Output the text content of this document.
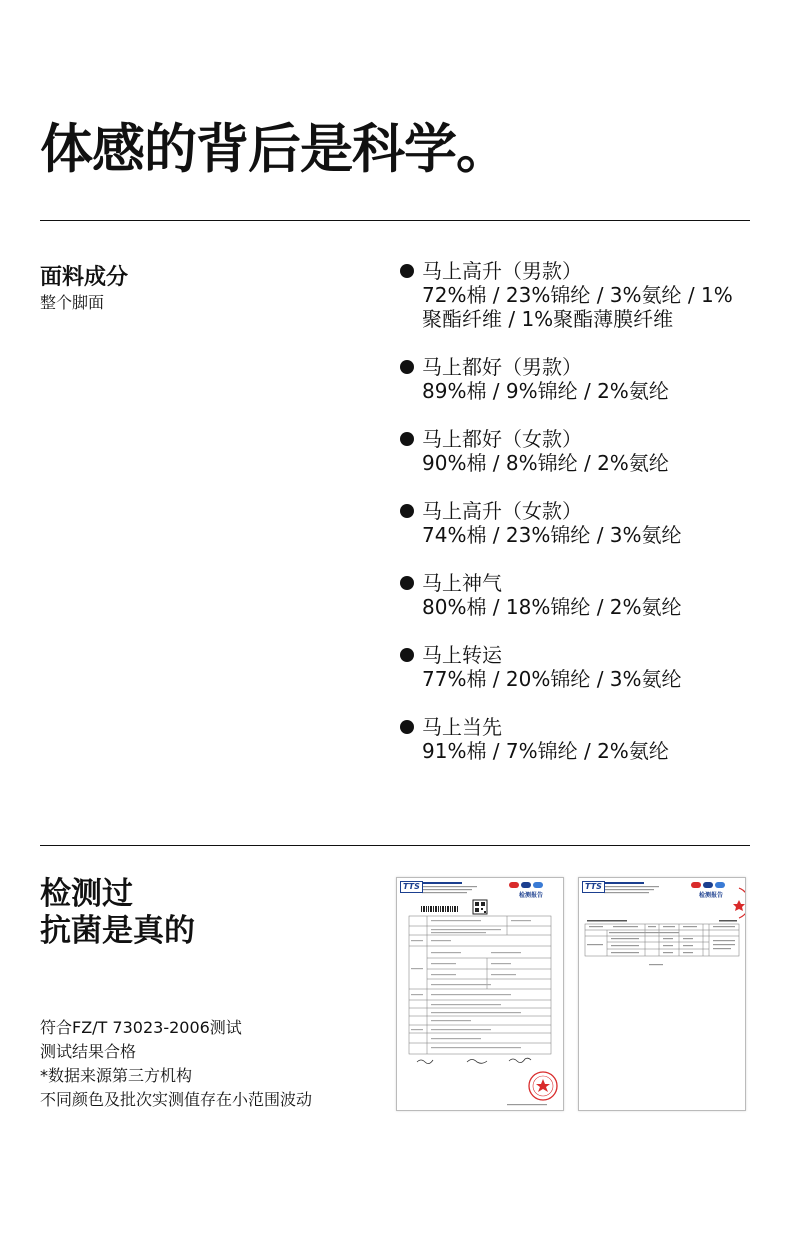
体感的背后是科学。
面料成分
整个脚面
马上高升（男款）
72%棉 / 23%锦纶 / 3%氨纶 / 1%聚酯纤维 / 1%聚酯薄膜纤维
马上都好（男款）
89%棉 / 9%锦纶 / 2%氨纶
马上都好（女款）
90%棉 / 8%锦纶 / 2%氨纶
马上高升（女款）
74%棉 / 23%锦纶 / 3%氨纶
马上神气
80%棉 / 18%锦纶 / 2%氨纶
马上转运
77%棉 / 20%锦纶 / 3%氨纶
马上当先
91%棉 / 7%锦纶 / 2%氨纶
检测过
抗菌是真的
符合FZ/T 73023-2006测试
测试结果合格
*数据来源第三方机构
不同颜色及批次实测值存在小范围波动
TTS
检测报告
TTS
检测报告
